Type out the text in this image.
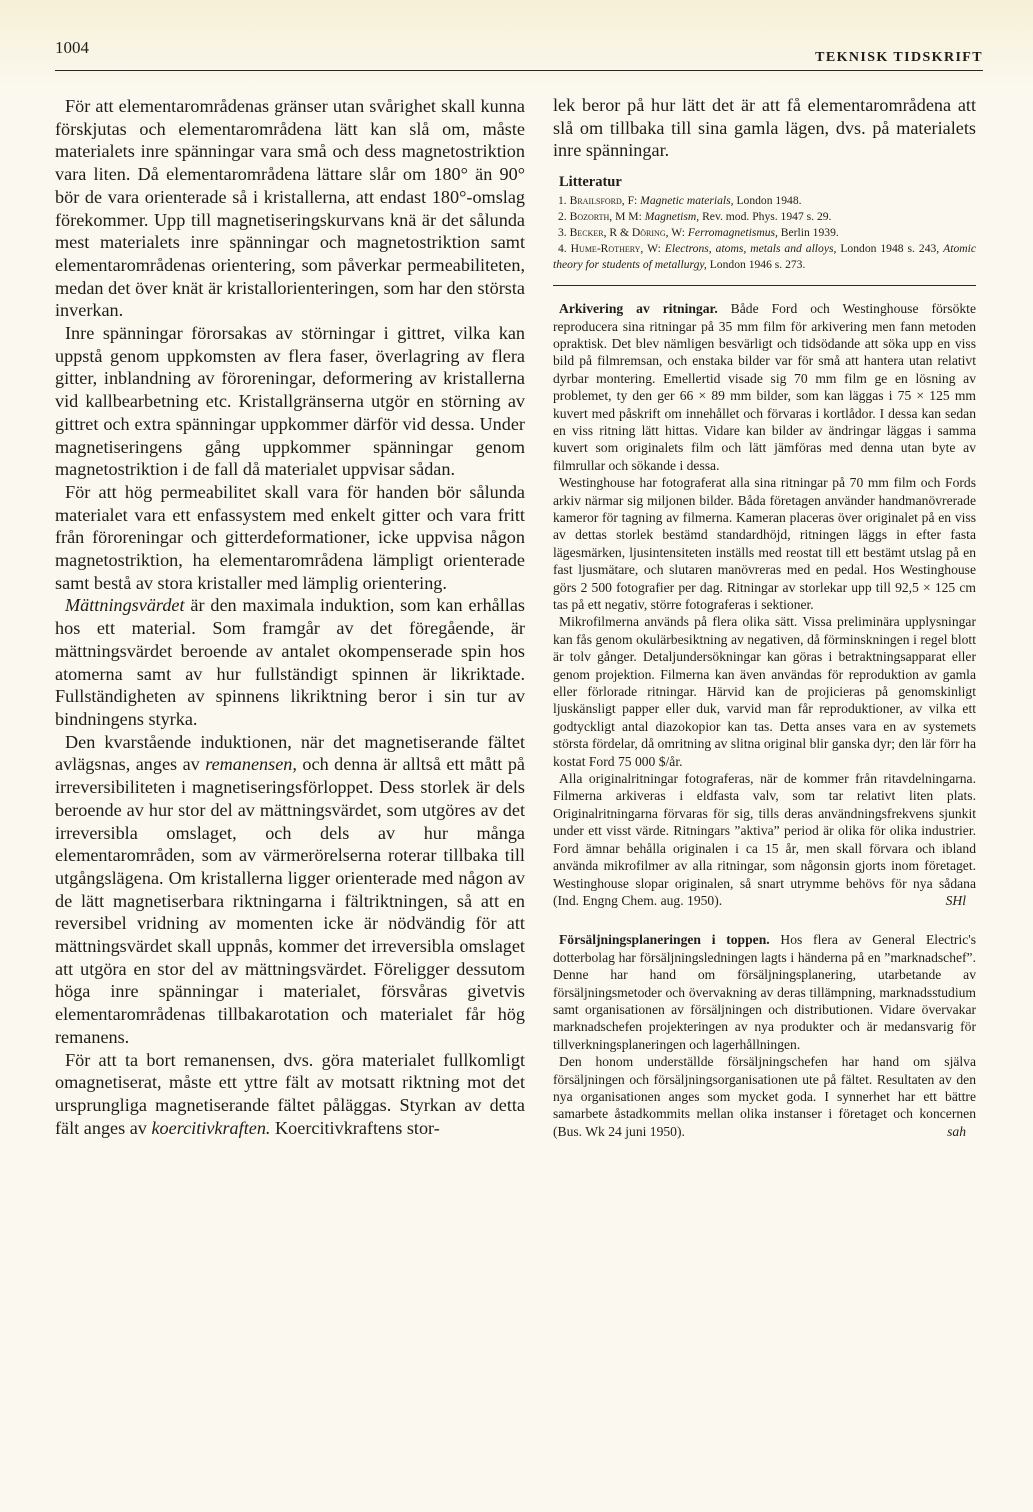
1004
TEKNISK TIDSKRIFT

För att elementarområdenas gränser utan svårighet skall kunna förskjutas och elementarområdena lätt kan slå om, måste materialets inre spänningar vara små och dess magnetostriktion vara liten. Då elementarområdena lättare slår om 180° än 90° bör de vara orienterade så i kristallerna, att endast 180°-omslag förekommer. Upp till magnetiseringskurvans knä är det sålunda mest materialets inre spänningar och magnetostriktion samt elementarområdenas orientering, som påverkar permeabiliteten, medan det över knät är kristallorienteringen, som har den största inverkan.

Inre spänningar förorsakas av störningar i gittret, vilka kan uppstå genom uppkomsten av flera faser, överlagring av flera gitter, inblandning av föroreningar, deformering av kristallerna vid kallbearbetning etc. Kristallgränserna utgör en störning av gittret och extra spänningar uppkommer därför vid dessa. Under magnetiseringens gång uppkommer spänningar genom magnetostriktion i de fall då materialet uppvisar sådan.

För att hög permeabilitet skall vara för handen bör sålunda materialet vara ett enfassystem med enkelt gitter och vara fritt från föroreningar och gitterdeformationer, icke uppvisa någon magnetostriktion, ha elementarområdena lämpligt orienterade samt bestå av stora kristaller med lämplig orientering.

Mättningsvärdet är den maximala induktion, som kan erhållas hos ett material. Som framgår av det föregående, är mättningsvärdet beroende av antalet okompenserade spin hos atomerna samt av hur fullständigt spinnen är likriktade. Fullständigheten av spinnens likriktning beror i sin tur av bindningens styrka.

Den kvarstående induktionen, när det magnetiserande fältet avlägsnas, anges av remanensen, och denna är alltså ett mått på irreversibiliteten i magnetiseringsförloppet. Dess storlek är dels beroende av hur stor del av mättningsvärdet, som utgöres av det irreversibla omslaget, och dels av hur många elementarområden, som av värmerörelserna roterar tillbaka till utgångslägena. Om kristallerna ligger orienterade med någon av de lätt magnetiserbara riktningarna i fältriktningen, så att en reversibel vridning av momenten icke är nödvändig för att mättningsvärdet skall uppnås, kommer det irreversibla omslaget att utgöra en stor del av mättningsvärdet. Föreligger dessutom höga inre spänningar i materialet, försvåras givetvis elementarområdenas tillbakarotation och materialet får hög remanens.

För att ta bort remanensen, dvs. göra materialet fullkomligt omagnetiserat, måste ett yttre fält av motsatt riktning mot det ursprungliga magnetiserande fältet påläggas. Styrkan av detta fält anges av koercitivkraften. Koercitivkraftens stor-

lek beror på hur lätt det är att få elementarområdena att slå om tillbaka till sina gamla lägen, dvs. på materialets inre spänningar.

Litteratur

1. Brailsford, F: Magnetic materials, London 1948.

2. Bozorth, M M: Magnetism, Rev. mod. Phys. 1947 s. 29.

3. Becker, R & Döring, W: Ferromagnetismus, Berlin 1939.

4. Hume-Rothery, W: Electrons, atoms, metals and alloys, London 1948 s. 243, Atomic theory for students of metallurgy, London 1946 s. 273.

Arkivering av ritningar. Både Ford och Westinghouse försökte reproducera sina ritningar på 35 mm film för arkivering men fann metoden opraktisk. Det blev nämligen besvärligt och tidsödande att söka upp en viss bild på filmremsan, och enstaka bilder var för små att hantera utan relativt dyrbar montering. Emellertid visade sig 70 mm film ge en lösning av problemet, ty den ger 66 × 89 mm bilder, som kan läggas i 75 × 125 mm kuvert med påskrift om innehållet och förvaras i kortlådor. I dessa kan sedan en viss ritning lätt hittas. Vidare kan bilder av ändringar läggas i samma kuvert som originalets film och lätt jämföras med denna utan byte av filmrullar och sökande i dessa.

Westinghouse har fotograferat alla sina ritningar på 70 mm film och Fords arkiv närmar sig miljonen bilder. Båda företagen använder handmanövrerade kameror för tagning av filmerna. Kameran placeras över originalet på en viss av dettas storlek bestämd standardhöjd, ritningen läggs in efter fasta lägesmärken, ljusintensiteten inställs med reostat till ett bestämt utslag på en fast ljusmätare, och slutaren manövreras med en pedal. Hos Westinghouse görs 2 500 fotografier per dag. Ritningar av storlekar upp till 92,5 × 125 cm tas på ett negativ, större fotograferas i sektioner.

Mikrofilmerna används på flera olika sätt. Vissa preliminära upplysningar kan fås genom okulärbesiktning av negativen, då förminskningen i regel blott är tolv gånger. Detaljundersökningar kan göras i betraktningsapparat eller genom projektion. Filmerna kan även användas för reproduktion av gamla eller förlorade ritningar. Härvid kan de projicieras på genomskinligt ljuskänsligt papper eller duk, varvid man får reproduktioner, av vilka ett godtyckligt antal diazokopior kan tas. Detta anses vara en av systemets största fördelar, då omritning av slitna original blir ganska dyr; den lär förr ha kostat Ford 75 000 $/år.

Alla originalritningar fotograferas, när de kommer från ritavdelningarna. Filmerna arkiveras i eldfasta valv, som tar relativt liten plats. Originalritningarna förvaras för sig, tills deras användningsfrekvens sjunkit under ett visst värde. Ritningars ”aktiva” period är olika för olika industrier. Ford ämnar behålla originalen i ca 15 år, men skall förvara och ibland använda mikrofilmer av alla ritningar, som någonsin gjorts inom företaget. Westinghouse slopar originalen, så snart utrymme behövs för nya sådana (Ind. Engng Chem. aug. 1950).	SHl

Försäljningsplaneringen i toppen. Hos flera av General Electric's dotterbolag har försäljningsledningen lagts i händerna på en ”marknadschef”. Denne har hand om försäljningsplanering, utarbetande av försäljningsmetoder och övervakning av deras tillämpning, marknadsstudium samt organisationen av försäljningen och distributionen. Vidare övervakar marknadschefen projekteringen av nya produkter och är medansvarig för tillverkningsplaneringen och lagerhållningen.

Den honom underställde försäljningschefen har hand om själva försäljningen och försäljningsorganisationen ute på fältet. Resultaten av den nya organisationen anges som mycket goda. I synnerhet har ett bättre samarbete åstadkommits mellan olika instanser i företaget och koncernen (Bus. Wk 24 juni 1950).	sah
